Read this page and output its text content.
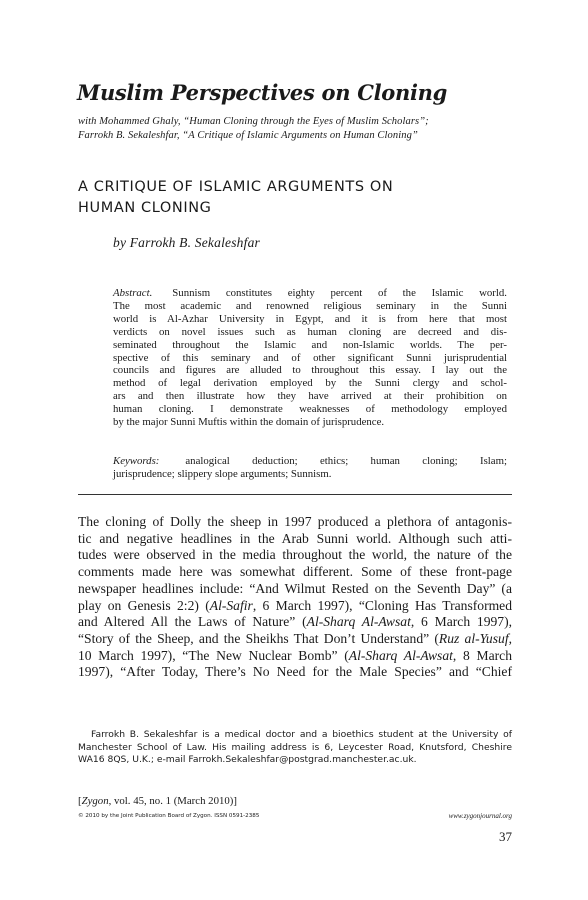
Muslim Perspectives on Cloning
with Mohammed Ghaly, “Human Cloning through the Eyes of Muslim Scholars”;
Farrokh B. Sekaleshfar, “A Critique of Islamic Arguments on Human Cloning”
A CRITIQUE OF ISLAMIC ARGUMENTS ON
HUMAN CLONING
by Farrokh B. Sekaleshfar
Abstract. Sunnism constitutes eighty percent of the Islamic world.
The most academic and renowned religious seminary in the Sunni
world is Al-Azhar University in Egypt, and it is from here that most
verdicts on novel issues such as human cloning are decreed and dis-
seminated throughout the Islamic and non-Islamic worlds. The per-
spective of this seminary and of other significant Sunni jurisprudential
councils and figures are alluded to throughout this essay. I lay out the
method of legal derivation employed by the Sunni clergy and schol-
ars and then illustrate how they have arrived at their prohibition on
human cloning. I demonstrate weaknesses of methodology employed
by the major Sunni Muftis within the domain of jurisprudence.
Keywords: analogical deduction; ethics; human cloning; Islam;
jurisprudence; slippery slope arguments; Sunnism.
The cloning of Dolly the sheep in 1997 produced a plethora of antagonis-
tic and negative headlines in the Arab Sunni world. Although such atti-
tudes were observed in the media throughout the world, the nature of the
comments made here was somewhat different. Some of these front-page
newspaper headlines include: “And Wilmut Rested on the Seventh Day” (a
play on Genesis 2:2) (Al-Safir, 6 March 1997), “Cloning Has Transformed
and Altered All the Laws of Nature” (Al-Sharq Al-Awsat, 6 March 1997),
“Story of the Sheep, and the Sheikhs That Don’t Understand” (Ruz al-Yusuf,
10 March 1997), “The New Nuclear Bomb” (Al-Sharq Al-Awsat, 8 March
1997), “After Today, There’s No Need for the Male Species” and “Chief
Farrokh B. Sekaleshfar is a medical doctor and a bioethics student at the University of
Manchester School of Law. His mailing address is 6, Leycester Road, Knutsford, Cheshire
WA16 8QS, U.K.; e-mail Farrokh.Sekaleshfar@postgrad.manchester.ac.uk.
[Zygon, vol. 45, no. 1 (March 2010)]
© 2010 by the Joint Publication Board of Zygon. ISSN 0591-2385	www.zygonjournal.org
37
